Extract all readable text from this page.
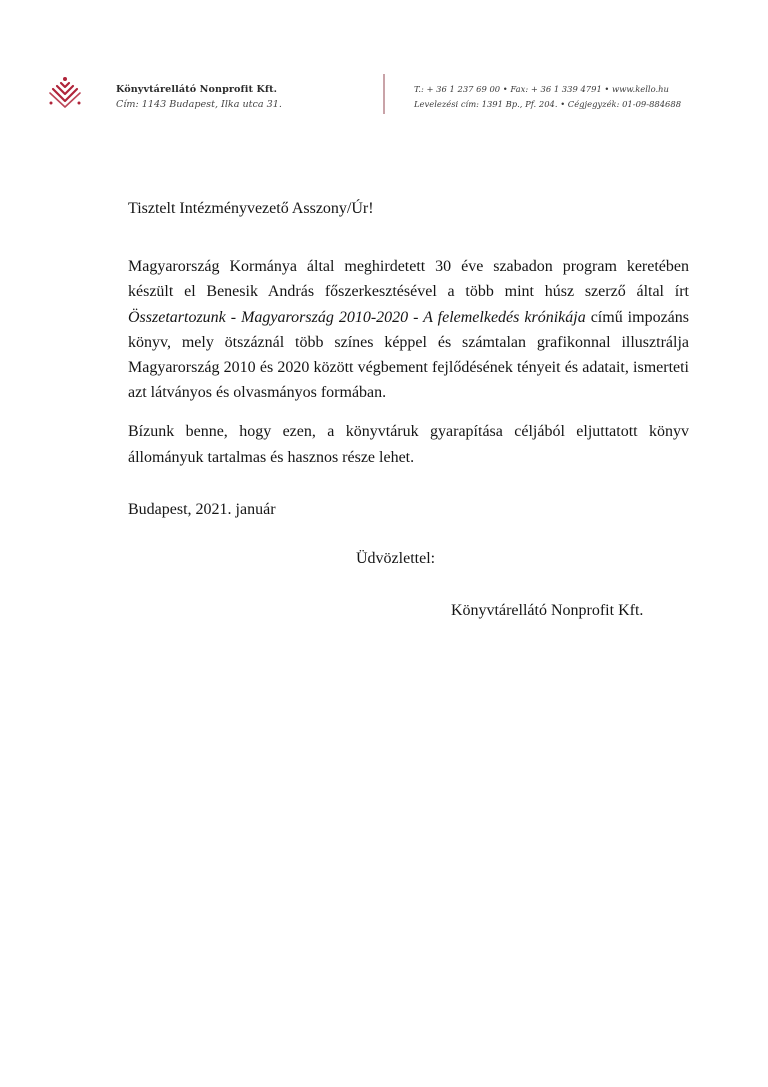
Könyvtárellátó Nonprofit Kft.
Cím: 1143 Budapest, Ilka utca 31.
T.: + 36 1 237 69 00 • Fax: + 36 1 339 4791 • www.kello.hu
Levelezési cím: 1391 Bp., Pf. 204. • Cégjegyzék: 01-09-884688

Tisztelt Intézményvezető Asszony/Úr!

Magyarország Kormánya által meghirdetett 30 éve szabadon program keretében készült el Benesik András főszerkesztésével a több mint húsz szerző által írt Összetartozunk - Magyarország 2010-2020 - A felemelkedés krónikája című impozáns könyv, mely ötszáznál több színes képpel és számtalan grafikonnal illusztrálja Magyarország 2010 és 2020 között végbement fejlődésének tényeit és adatait, ismerteti azt látványos és olvasmányos formában.

Bízunk benne, hogy ezen, a könyvtáruk gyarapítása céljából eljuttatott könyv állományuk tartalmas és hasznos része lehet.

Budapest, 2021. január

Üdvözlettel:

Könyvtárellátó Nonprofit Kft.
